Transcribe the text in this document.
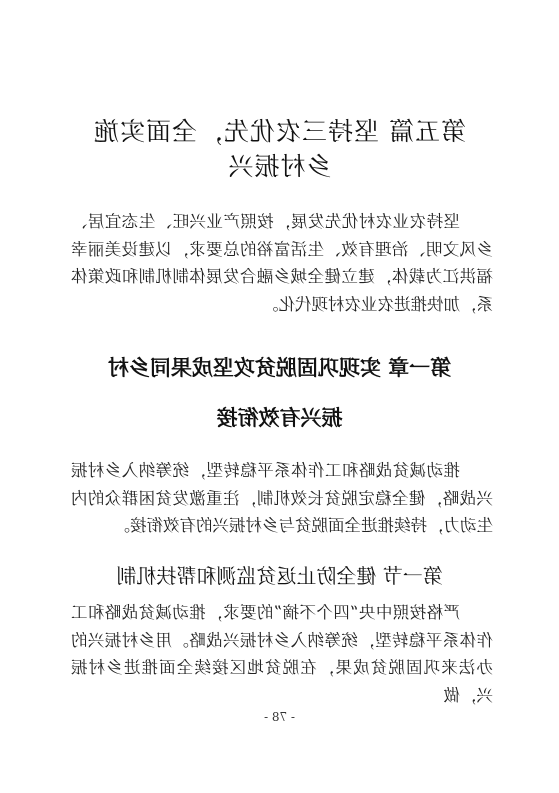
第五篇 坚持三农优先，全面实施
乡村振兴

坚持农业农村优先发展，按照产业兴旺、生态宜居、乡风文明、治理有效、生活富裕的总要求，以建设美丽幸福洪江为载体，建立健全城乡融合发展体制机制和政策体系，加快推进农业农村现代化。

第一章 实现巩固脱贫攻坚成果同乡村
振兴有效衔接

推动减贫战略和工作体系平稳转型，统筹纳入乡村振兴战略，健全稳定脱贫长效机制，注重激发贫困群众的内生动力，持续推进全面脱贫与乡村振兴的有效衔接。

第一节 健全防止返贫监测和帮扶机制

严格按照中央“四个不摘”的要求，推动减贫战略和工作体系平稳转型，统筹纳入乡村振兴战略。用乡村振兴的办法来巩固脱贫成果，在脱贫地区接续全面推进乡村振兴，做

- 78 -
